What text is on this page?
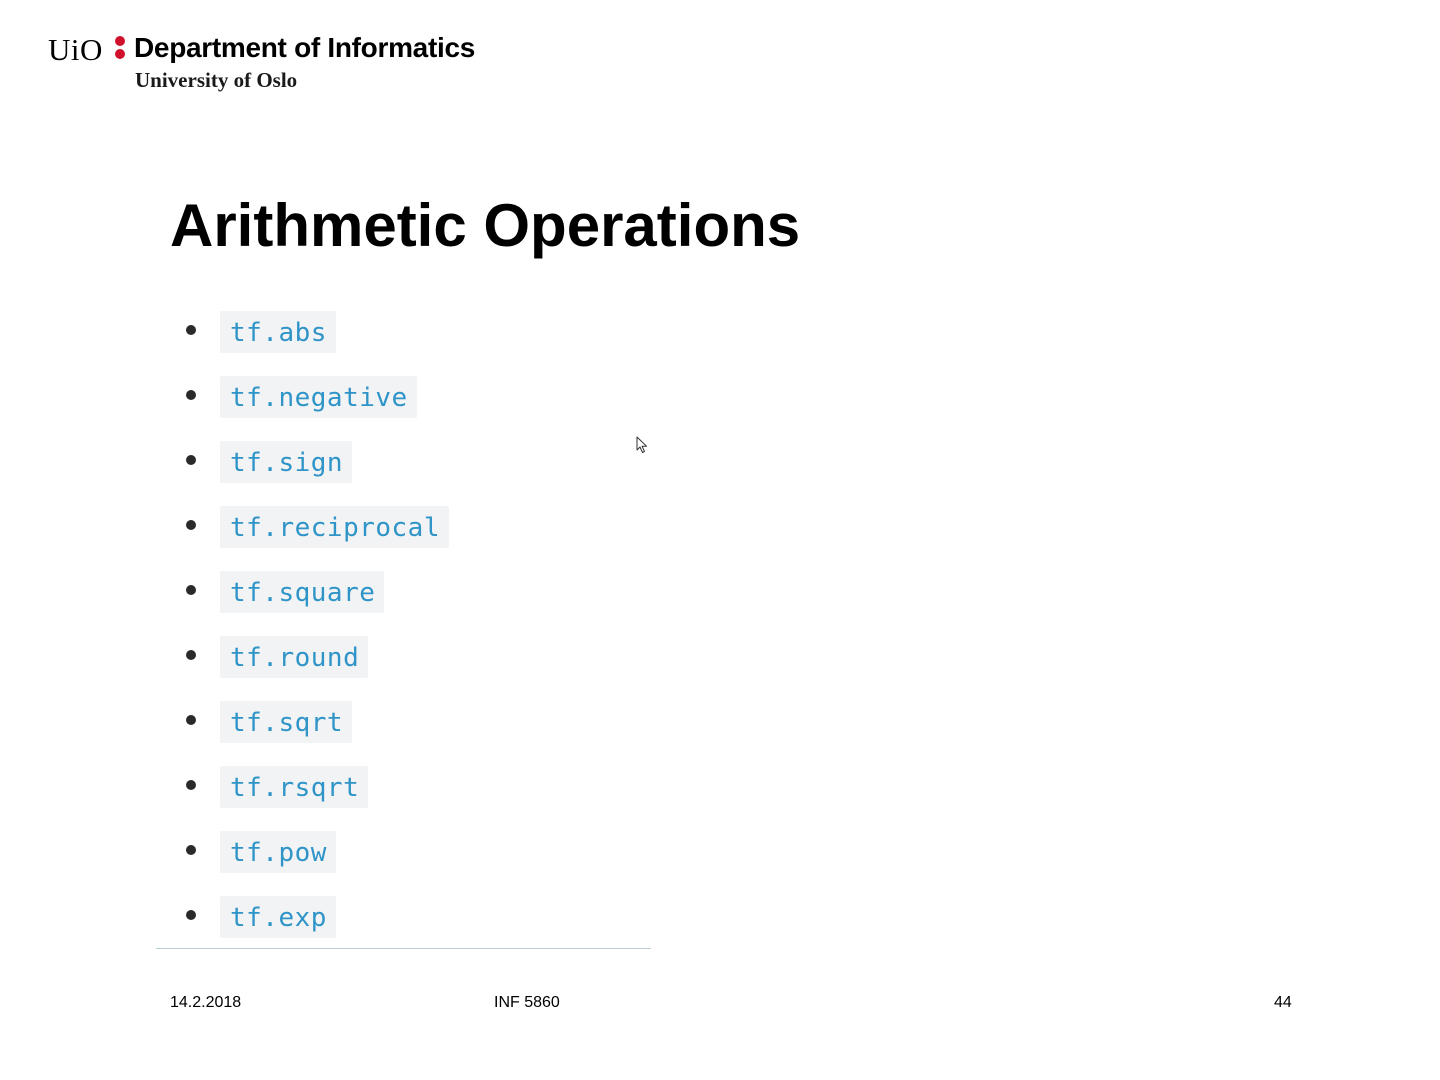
UiO Department of Informatics
University of Oslo
Arithmetic Operations
tf.abs
tf.negative
tf.sign
tf.reciprocal
tf.square
tf.round
tf.sqrt
tf.rsqrt
tf.pow
tf.exp
14.2.2018	INF 5860	44
